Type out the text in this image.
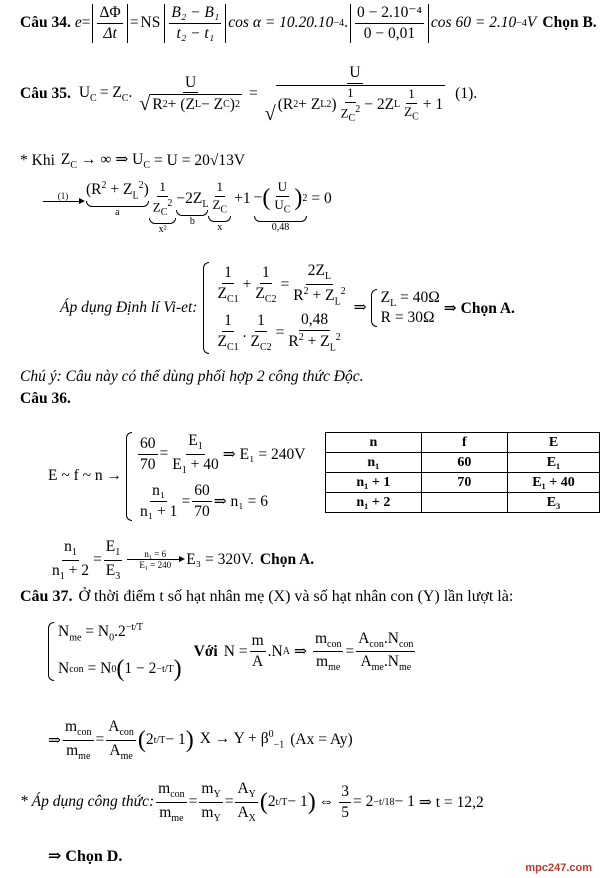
Câu 34. $e = \frac{\Delta\Phi}{\Delta t}$ = NS $\frac{\text{B₂ − B₁}}{\text{t₂ − t₁}}$ cos α = 10.20.10 −4 . $\frac{\text{0 − 2.10⁻⁴}}{0 - 0,01}$ cos 60 = 2.10 −4 V Chọn B.
Câu 35. $U_C = Z_C$. $\frac{U}{\text{√ R 2 + (Z L − Z C ) 2}} = \frac{U}{√ (R 2 + Z L 2 ) \frac{1}{Z_C^2} - 2Z L \frac{1}{Z_C} + 1} (1)$.
* Khi $Z_C$ → ∞ ⇒ $U_C = U = 20√13V$
(1) $(R^2 + Z_L^2)$
a $\frac{1}{Z_C^2}$
x²
$-2Z_L$
b
$\frac{1}{Z_C}$
x
+1 − ( $\frac{U}{U_C}$ ) 2
0,48
= 0
Áp dụng Định lí Vi-et:
$\frac{1}{Z_{C1}} + \frac{1}{Z_{C2}} = \frac{2Z_L}{R^2 + Z_L^2}$
$\frac{1}{Z_{C1}}$ . $\frac{1}{Z_{C2}} = \frac{0,48}{R^2 + Z_L^2}$
⇒
$Z_L = 40\Omega$
R = 30Ω
⇒ Chọn A.
Chú ý: Câu này có thể dùng phối hợp 2 công thức Độc.
Câu 36.
E ~ f ~ n →
$\frac{60}{70} = \frac{E_1}{E_1 + 40}$ ⇒ E₁ = 240V
$\frac{\text{n₁}}{\text{n₁ + 1}} = \frac{60}{70}$ ⇒ n₁ = 6
n	f	E
n₁	60	E₁
n₁ + 1	70	E₁ + 40
n₁ + 2		E₃
$\frac{n_1}{n_1 + 2} = \frac{E_1}{E_3} n_1 = 6$
E₁ = 240 E₃ = 320V. Chọn A.
Câu 37. Ở thời điểm t số hạt nhân mẹ (X) và số hạt nhân con (Y) lần lượt là:
$N_{me} = N_0.2^{-t/T}$
N con = N 0 ( 1 − 2 −t/T )
Với $N = \frac{m}{A} .N$ A ⇒ $\frac{m_{con}}{m_{me}} = \frac{A_{con}.N_{con}}{A_{me}.N_{me}}$
⇒ $\frac{m_{con}}{m_{me}} = \frac{A_{con}}{A_{me}}$ ( 2 t/T − 1 ) $X \to Y + \beta^0_{-1}$ (Ax = Ay)
* Áp dụng công thức: $\frac{m_{con}}{m_{me}} = \frac{m_Y}{m_Y} = \frac{A_Y}{A_X}$ ( 2 t/T − 1 ) ⇔ $\frac{3}{5} = 2 -t/18 - 1$ ⇒ t = 12,2
⇒ Chọn D.
mpc247.com
